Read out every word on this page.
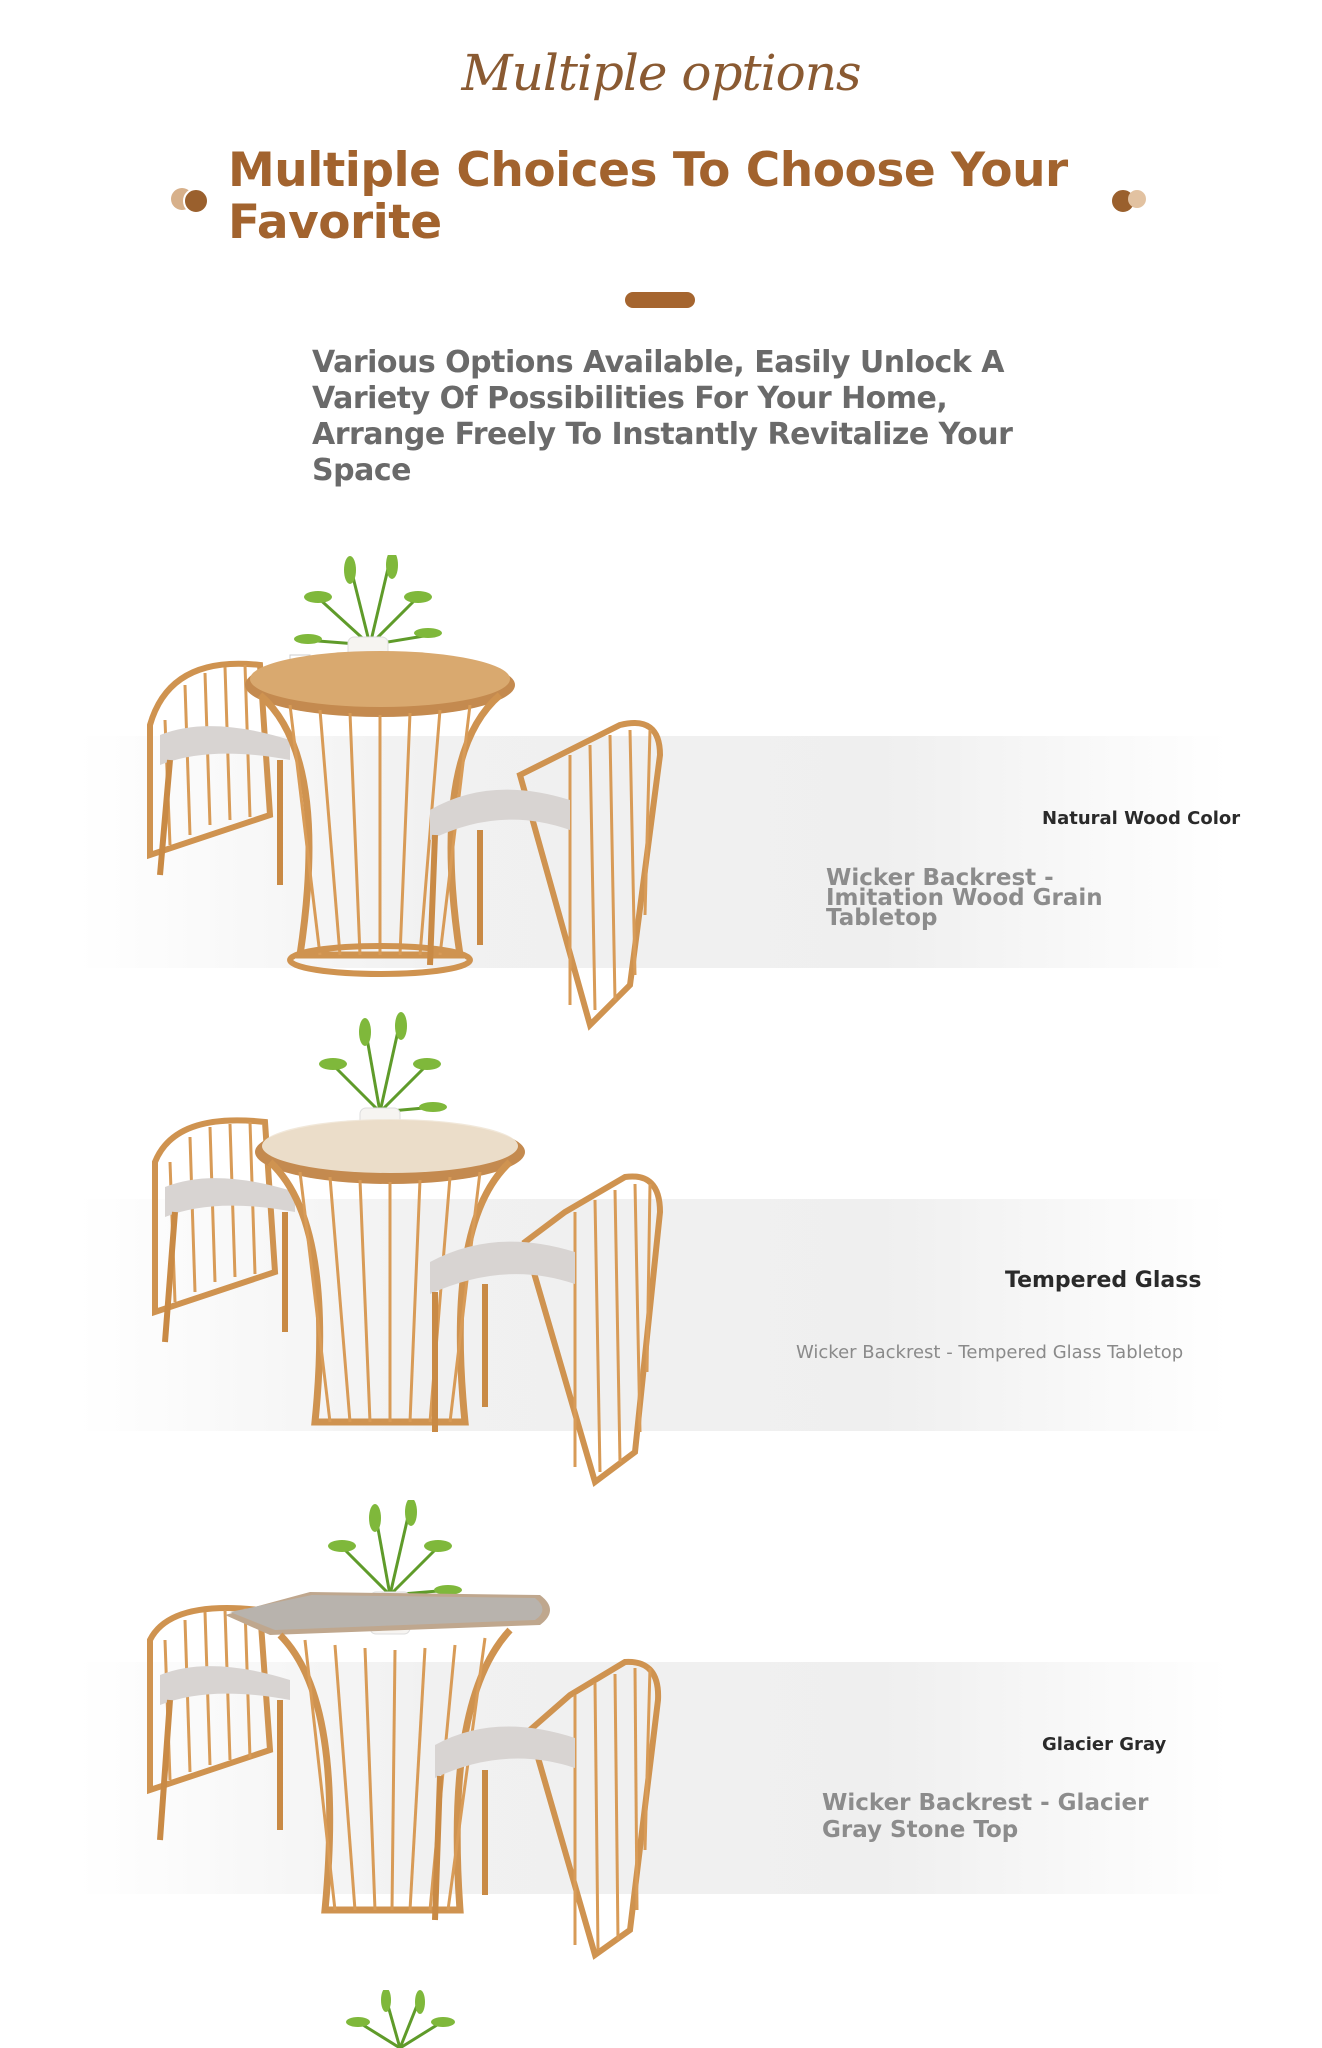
Multiple options
Multiple Choices To Choose Your Favorite
Various Options Available, Easily Unlock A Variety Of Possibilities For Your Home, Arrange Freely To Instantly Revitalize Your Space
Natural Wood Color
Wicker Backrest - Imitation Wood Grain Tabletop
Tempered Glass
Wicker Backrest - Tempered Glass Tabletop
Glacier Gray
Wicker Backrest - Glacier Gray Stone Top
